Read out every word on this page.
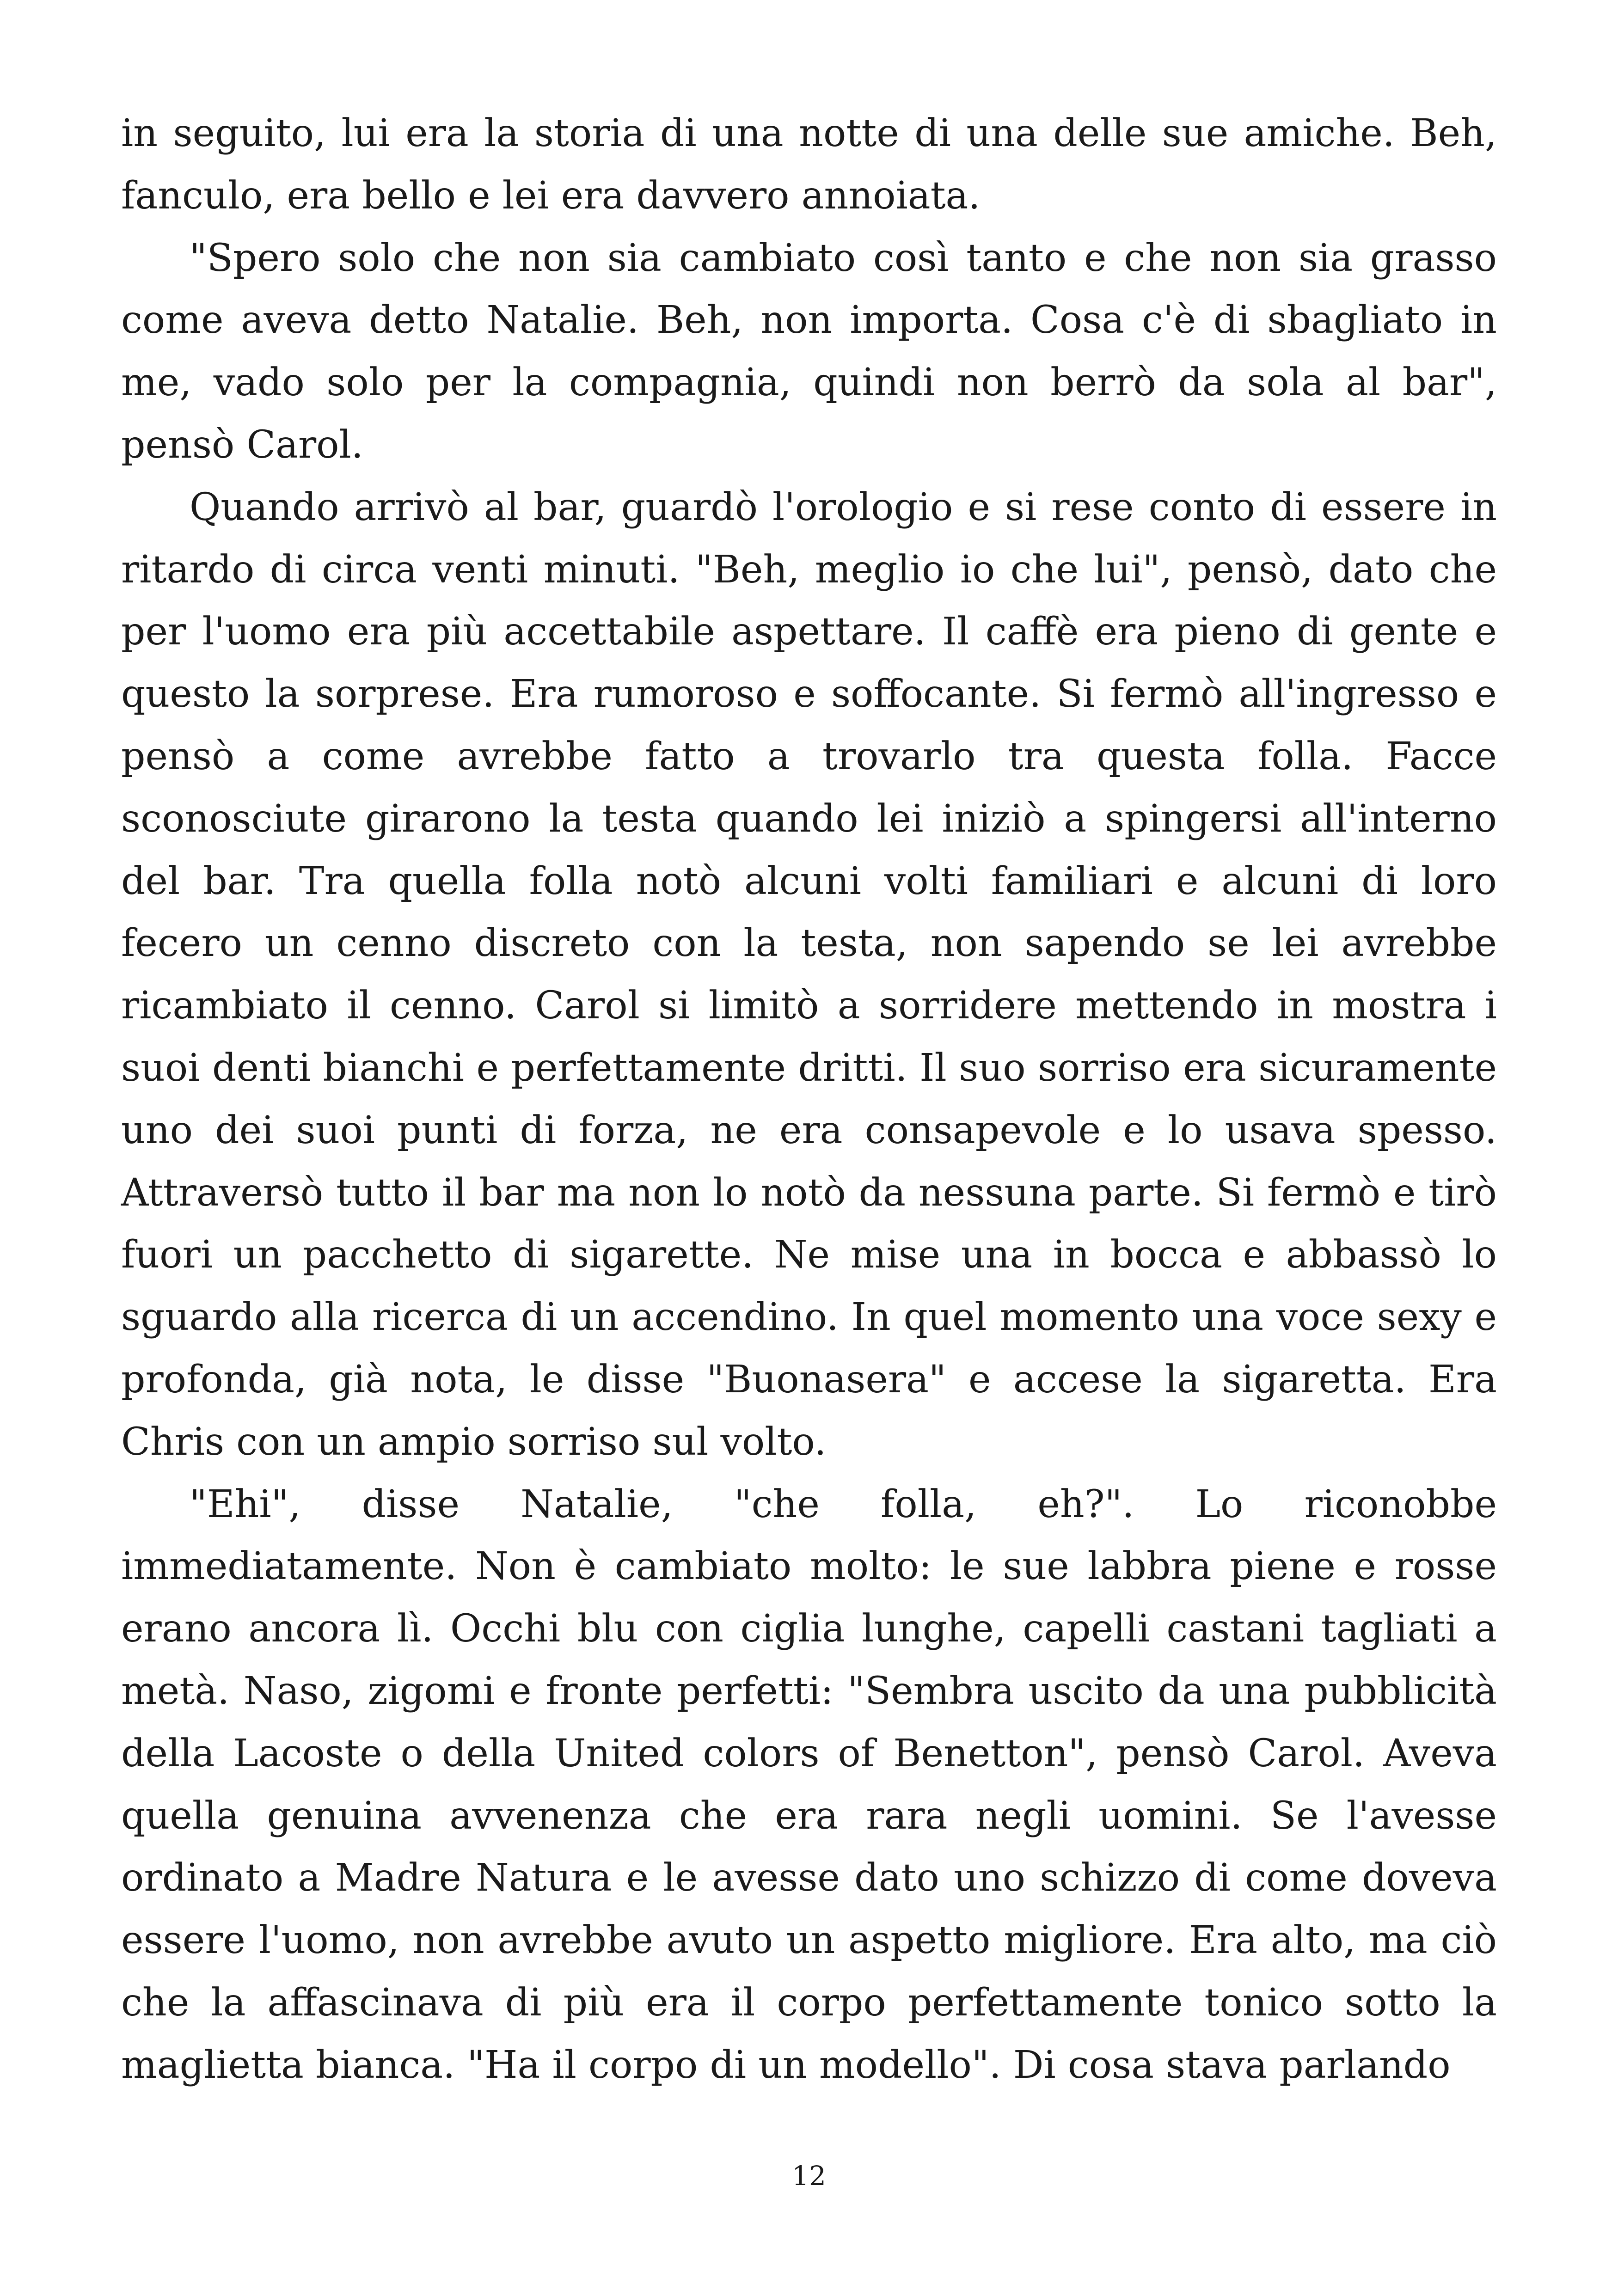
in seguito, lui era la storia di una notte di una delle sue amiche. Beh, fanculo, era bello e lei era davvero annoiata.

"Spero solo che non sia cambiato così tanto e che non sia grasso come aveva detto Natalie. Beh, non importa. Cosa c'è di sbagliato in me, vado solo per la compagnia, quindi non berrò da sola al bar", pensò Carol.

Quando arrivò al bar, guardò l'orologio e si rese conto di essere in ritardo di circa venti minuti. "Beh, meglio io che lui", pensò, dato che per l'uomo era più accettabile aspettare. Il caffè era pieno di gente e questo la sorprese. Era rumoroso e soffocante. Si fermò all'ingresso e pensò a come avrebbe fatto a trovarlo tra questa folla. Facce sconosciute girarono la testa quando lei iniziò a spingersi all'interno del bar. Tra quella folla notò alcuni volti familiari e alcuni di loro fecero un cenno discreto con la testa, non sapendo se lei avrebbe ricambiato il cenno. Carol si limitò a sorridere mettendo in mostra i suoi denti bianchi e perfettamente dritti. Il suo sorriso era sicuramente uno dei suoi punti di forza, ne era consapevole e lo usava spesso. Attraversò tutto il bar ma non lo notò da nessuna parte. Si fermò e tirò fuori un pacchetto di sigarette. Ne mise una in bocca e abbassò lo sguardo alla ricerca di un accendino. In quel momento una voce sexy e profonda, già nota, le disse "Buonasera" e accese la sigaretta. Era Chris con un ampio sorriso sul volto.

"Ehi", disse Natalie, "che folla, eh?". Lo riconobbe immediatamente. Non è cambiato molto: le sue labbra piene e rosse erano ancora lì. Occhi blu con ciglia lunghe, capelli castani tagliati a metà. Naso, zigomi e fronte perfetti: "Sembra uscito da una pubblicità della Lacoste o della United colors of Benetton", pensò Carol. Aveva quella genuina avvenenza che era rara negli uomini. Se l'avesse ordinato a Madre Natura e le avesse dato uno schizzo di come doveva essere l'uomo, non avrebbe avuto un aspetto migliore. Era alto, ma ciò che la affascinava di più era il corpo perfettamente tonico sotto la maglietta bianca. "Ha il corpo di un modello". Di cosa stava parlando

12
